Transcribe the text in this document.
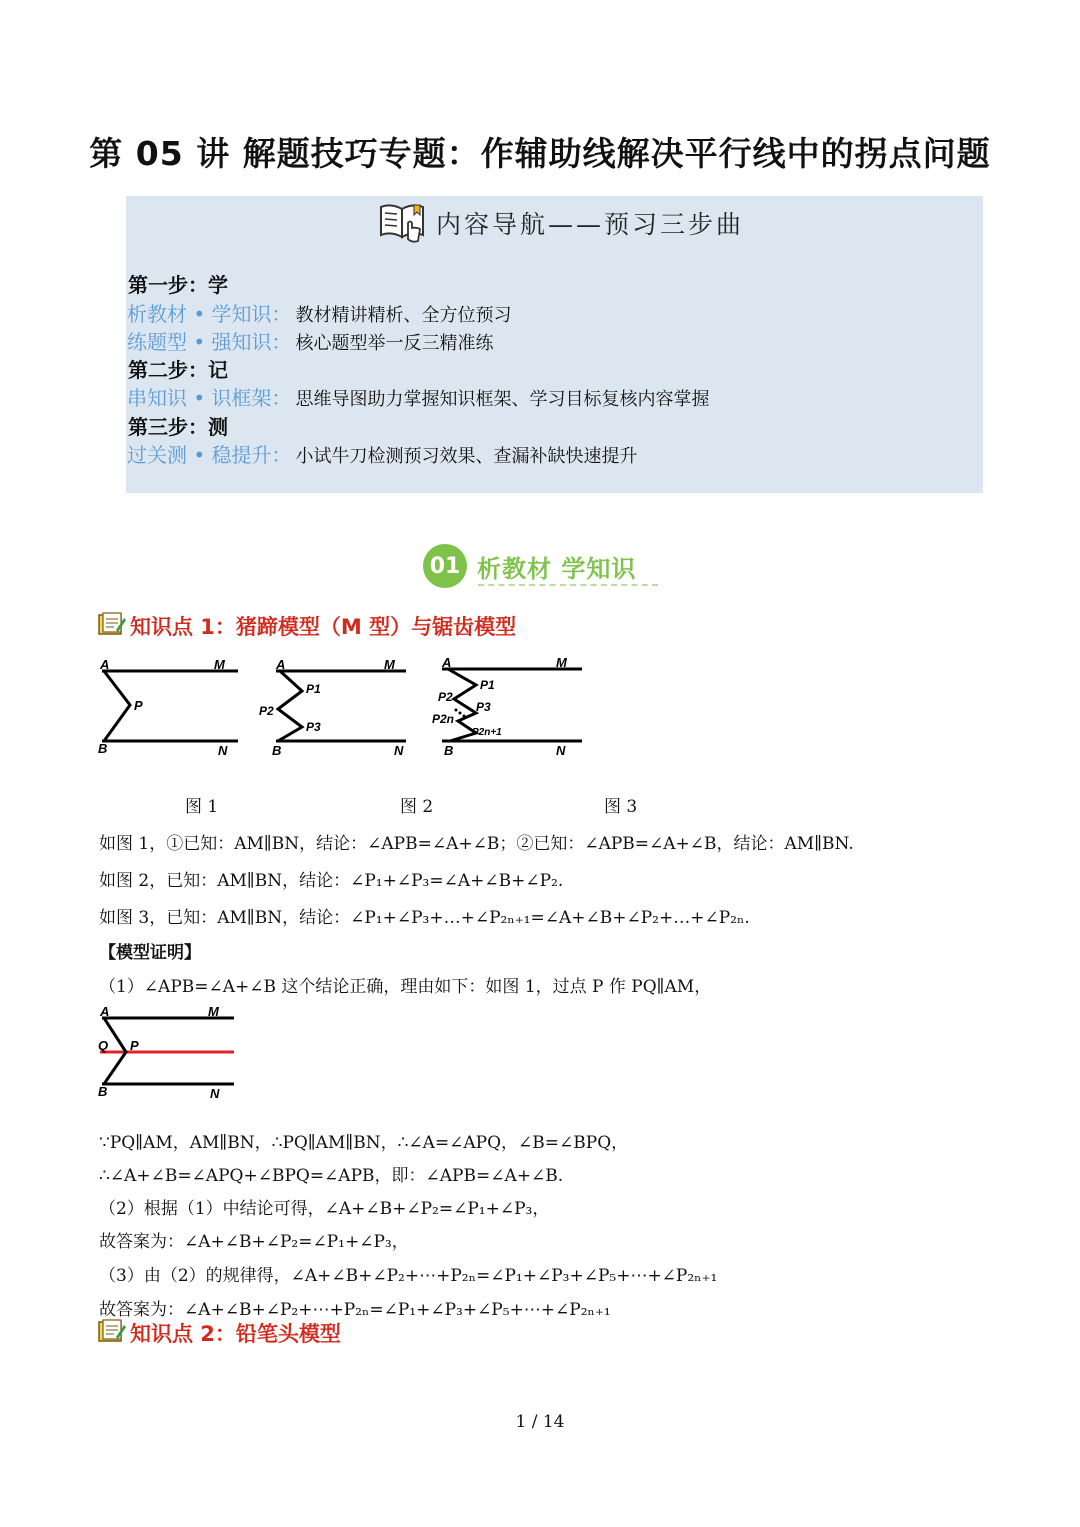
第 05 讲 解题技巧专题：作辅助线解决平行线中的拐点问题
内容导航——预习三步曲
第一步：学
析教材 • 学知识： 教材精讲精析、全方位预习
练题型 • 强知识： 核心题型举一反三精准练
第二步：记
串知识 • 识框架： 思维导图助力掌握知识框架、学习目标复核内容掌握
第三步：测
过关测 • 稳提升： 小试牛刀检测预习效果、查漏补缺快速提升
01 析教材 学知识
知识点 1：猪蹄模型（M 型）与锯齿模型
A	M
P
B	N
A	M
P1
P2
P3
B	N
A	M
P1
P2
P3
P2n
P2n+1
B	N
图 1	图 2	图 3
如图 1，①已知：AM∥BN，结论：∠APB=∠A+∠B；②已知：∠APB=∠A+∠B，结论：AM∥BN.
如图 2，已知：AM∥BN，结论：∠P₁+∠P₃=∠A+∠B+∠P₂.
如图 3，已知：AM∥BN，结论：∠P₁+∠P₃+…+∠P₂ₙ₊₁=∠A+∠B+∠P₂+…+∠P₂ₙ.
【模型证明】
（1）∠APB=∠A+∠B 这个结论正确，理由如下：如图 1，过点 P 作 PQ∥AM，
A	M
Q P
B	N
∵PQ∥AM，AM∥BN，∴PQ∥AM∥BN，∴∠A=∠APQ，∠B=∠BPQ，
∴∠A+∠B=∠APQ+∠BPQ=∠APB，即：∠APB=∠A+∠B.
（2）根据（1）中结论可得，∠A+∠B+∠P₂=∠P₁+∠P₃，
故答案为：∠A+∠B+∠P₂=∠P₁+∠P₃，
（3）由（2）的规律得，∠A+∠B+∠P₂+⋯+P₂ₙ=∠P₁+∠P₃+∠P₅+⋯+∠P₂ₙ₊₁
故答案为：∠A+∠B+∠P₂+⋯+P₂ₙ=∠P₁+∠P₃+∠P₅+⋯+∠P₂ₙ₊₁
知识点 2：铅笔头模型
1 / 14
